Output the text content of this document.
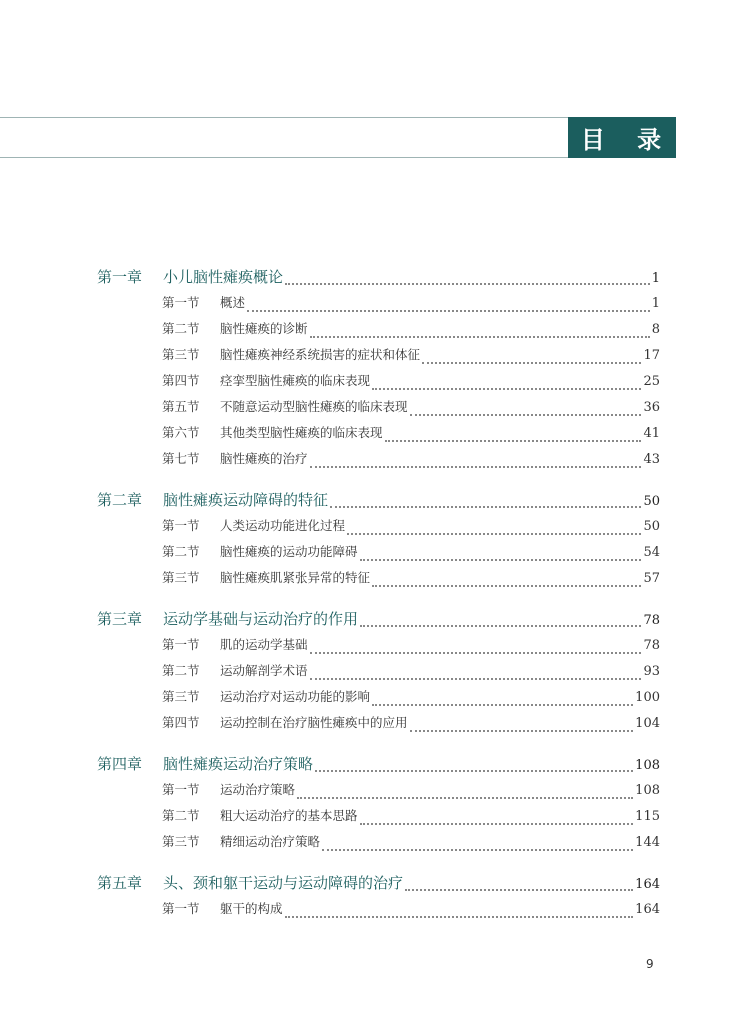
目 录
第一章	小儿脑性瘫痪概论	1
第一节	概述	1
第二节	脑性瘫痪的诊断	8
第三节	脑性瘫痪神经系统损害的症状和体征	17
第四节	痉挛型脑性瘫痪的临床表现	25
第五节	不随意运动型脑性瘫痪的临床表现	36
第六节	其他类型脑性瘫痪的临床表现	41
第七节	脑性瘫痪的治疗	43
第二章	脑性瘫痪运动障碍的特征	50
第一节	人类运动功能进化过程	50
第二节	脑性瘫痪的运动功能障碍	54
第三节	脑性瘫痪肌紧张异常的特征	57
第三章	运动学基础与运动治疗的作用	78
第一节	肌的运动学基础	78
第二节	运动解剖学术语	93
第三节	运动治疗对运动功能的影响	100
第四节	运动控制在治疗脑性瘫痪中的应用	104
第四章	脑性瘫痪运动治疗策略	108
第一节	运动治疗策略	108
第二节	粗大运动治疗的基本思路	115
第三节	精细运动治疗策略	144
第五章	头、颈和躯干运动与运动障碍的治疗	164
第一节	躯干的构成	164
9
